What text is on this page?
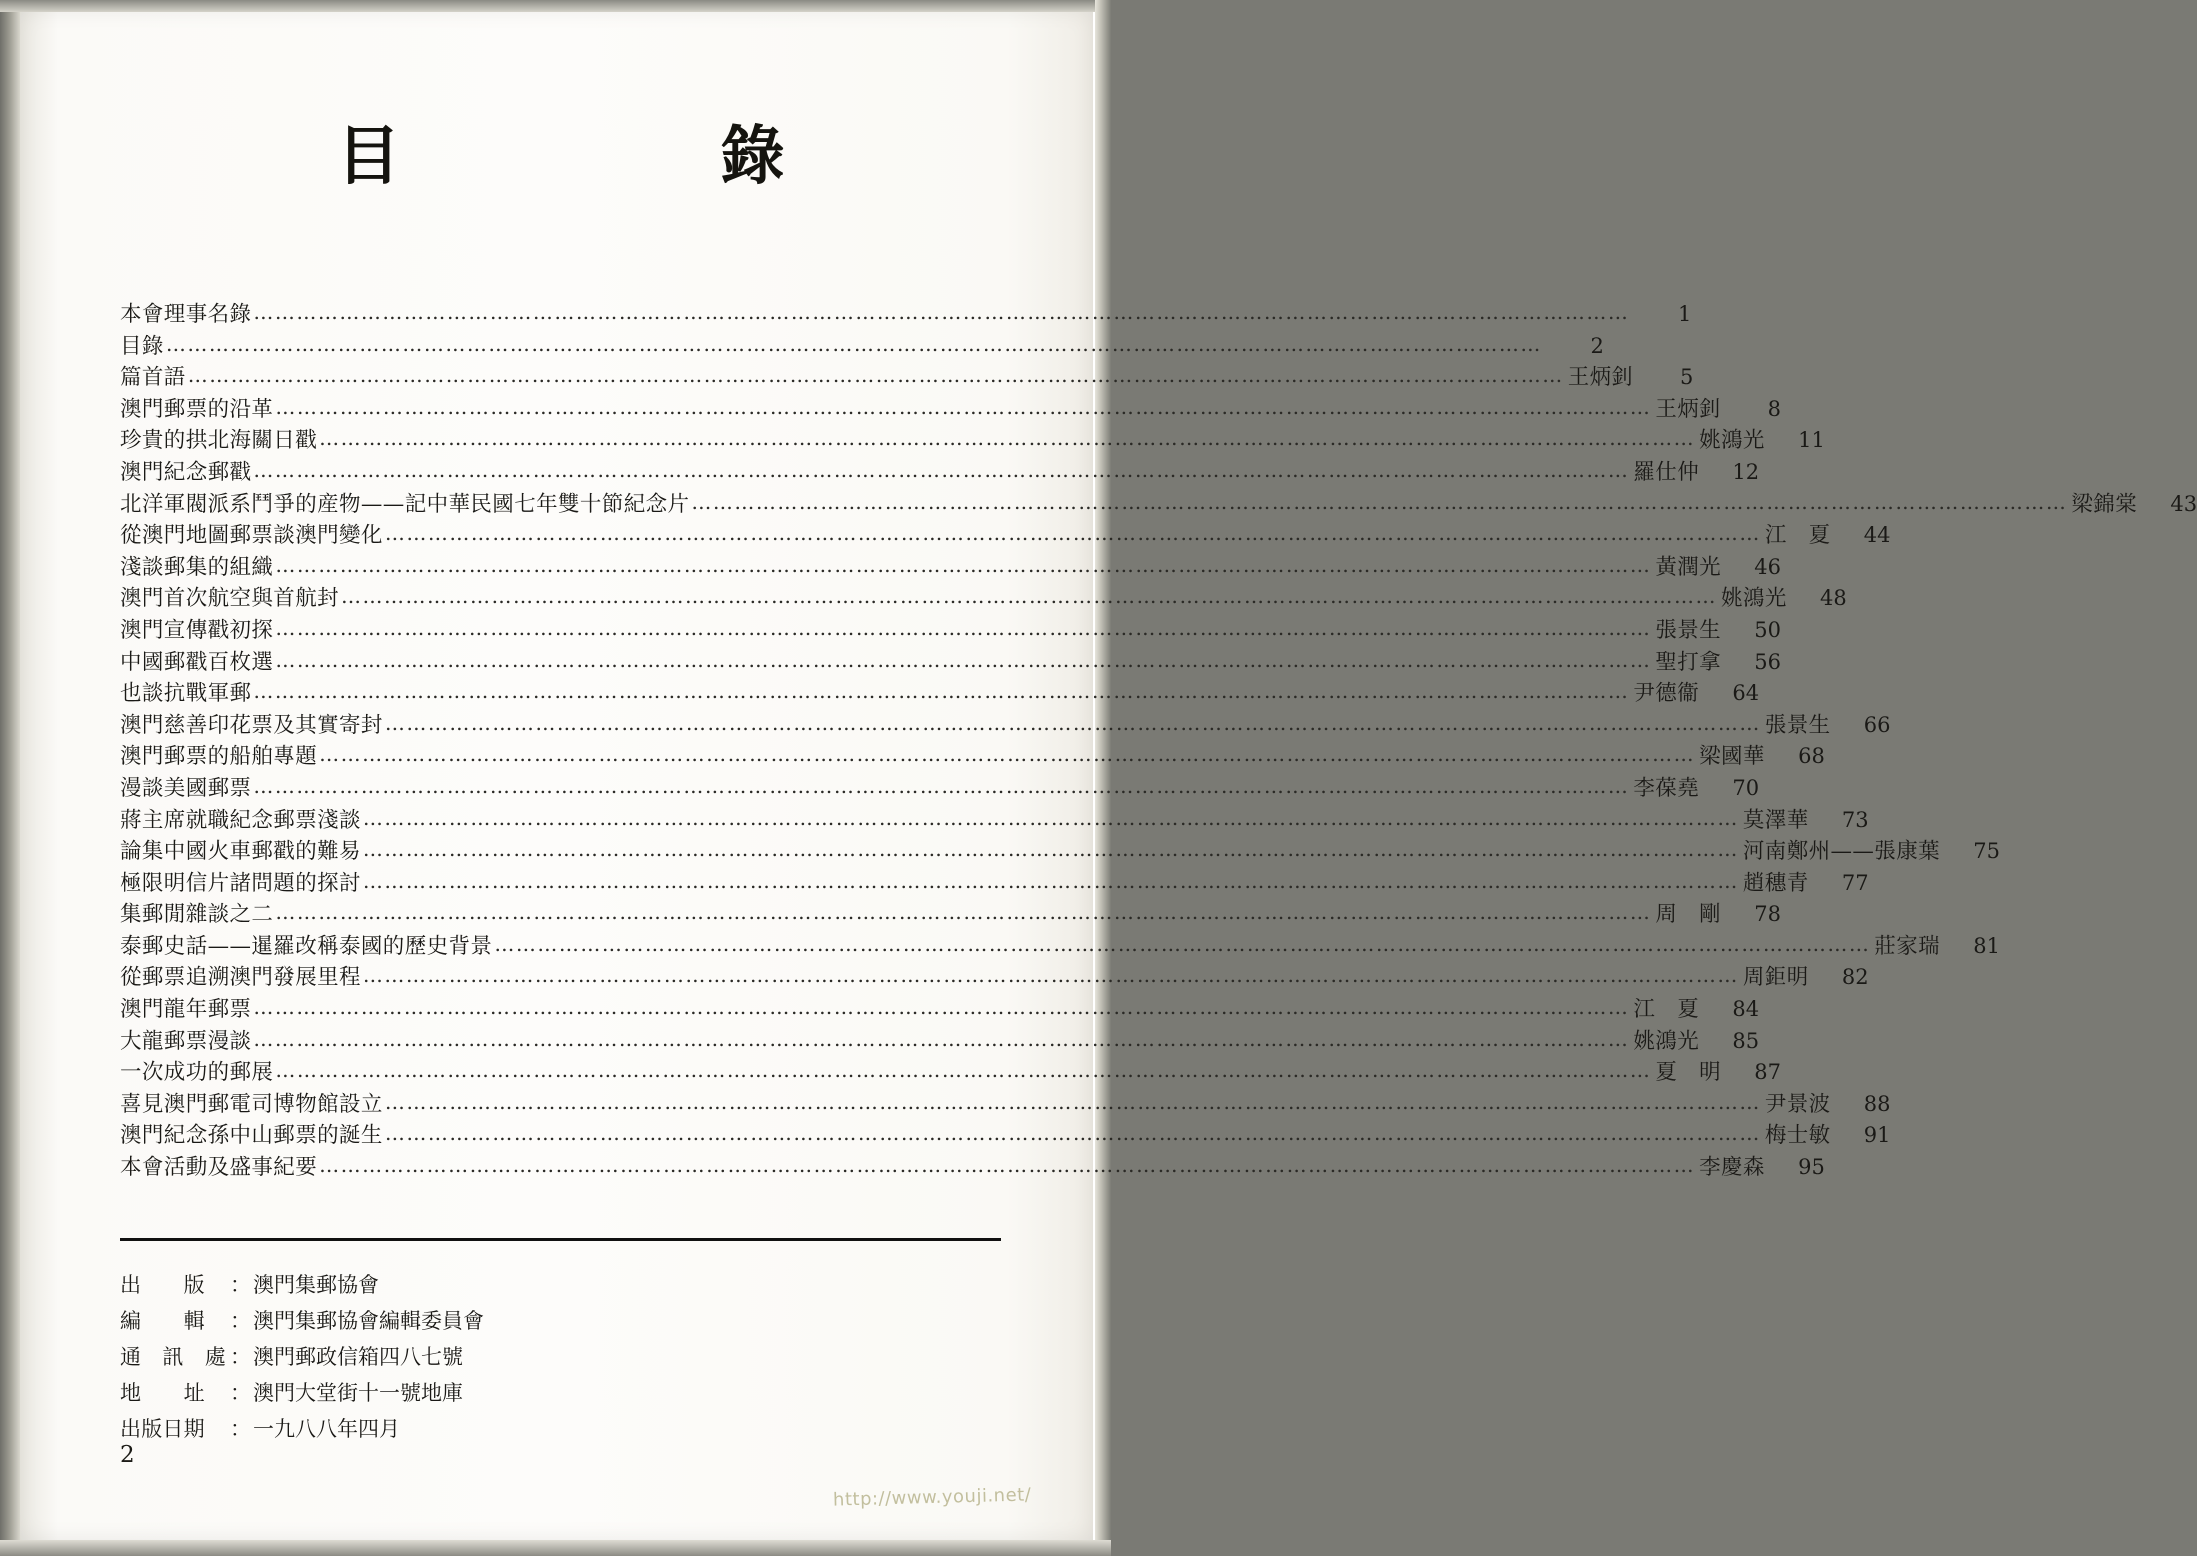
目　　錄
本會理事名錄 …………………………………………………………………………………………………………………………………………………………………………	1
目錄 …………………………………………………………………………………………………………………………………………………………………………	2
篇首語 ………………………………………………………………………………………………………………………………………………………………………… 王炳釗	5
澳門郵票的沿革 ………………………………………………………………………………………………………………………………………………………………………… 王炳釗	8
珍貴的拱北海關日戳 ………………………………………………………………………………………………………………………………………………………………………… 姚鴻光	11
澳門紀念郵戳 ………………………………………………………………………………………………………………………………………………………………………… 羅仕仲	12
北洋軍閥派系鬥爭的産物——記中華民國七年雙十節紀念片 ………………………………………………………………………………………………………………………………………………………………………… 梁錦棠	43
從澳門地圖郵票談澳門變化 ………………………………………………………………………………………………………………………………………………………………………… 江　夏	44
淺談郵集的組織 ………………………………………………………………………………………………………………………………………………………………………… 黃潤光	46
澳門首次航空與首航封 ………………………………………………………………………………………………………………………………………………………………………… 姚鴻光	48
澳門宣傳戳初探 ………………………………………………………………………………………………………………………………………………………………………… 張景生	50
中國郵戳百枚選 ………………………………………………………………………………………………………………………………………………………………………… 聖打拿	56
也談抗戰軍郵 ………………………………………………………………………………………………………………………………………………………………………… 尹德衞	64
澳門慈善印花票及其實寄封 ………………………………………………………………………………………………………………………………………………………………………… 張景生	66
澳門郵票的船舶專題 ………………………………………………………………………………………………………………………………………………………………………… 梁國華	68
漫談美國郵票 ………………………………………………………………………………………………………………………………………………………………………… 李葆堯	70
蔣主席就職紀念郵票淺談 ………………………………………………………………………………………………………………………………………………………………………… 莫澤華	73
論集中國火車郵戳的難易 ………………………………………………………………………………………………………………………………………………………………………… 河南鄭州——張康葉	75
極限明信片諸問題的探討 ………………………………………………………………………………………………………………………………………………………………………… 趙穗青	77
集郵閒雜談之二 ………………………………………………………………………………………………………………………………………………………………………… 周　剛	78
泰郵史話——暹羅改稱泰國的歷史背景 ………………………………………………………………………………………………………………………………………………………………………… 莊家瑞	81
從郵票追溯澳門發展里程 ………………………………………………………………………………………………………………………………………………………………………… 周鉅明	82
澳門龍年郵票 ………………………………………………………………………………………………………………………………………………………………………… 江　夏	84
大龍郵票漫談 ………………………………………………………………………………………………………………………………………………………………………… 姚鴻光	85
一次成功的郵展 ………………………………………………………………………………………………………………………………………………………………………… 夏　明	87
喜見澳門郵電司博物館設立 ………………………………………………………………………………………………………………………………………………………………………… 尹景波	88
澳門紀念孫中山郵票的誕生 ………………………………………………………………………………………………………………………………………………………………………… 梅士敏	91
本會活動及盛事紀要 ………………………………………………………………………………………………………………………………………………………………………… 李慶森	95
出　　版	： 澳門集郵協會
編　　輯	： 澳門集郵協會編輯委員會
通　訊　處 ： 澳門郵政信箱四八七號
地　　址	： 澳門大堂街十一號地庫
出版日期	： 一九八八年四月
2
http://www.youji.net/
